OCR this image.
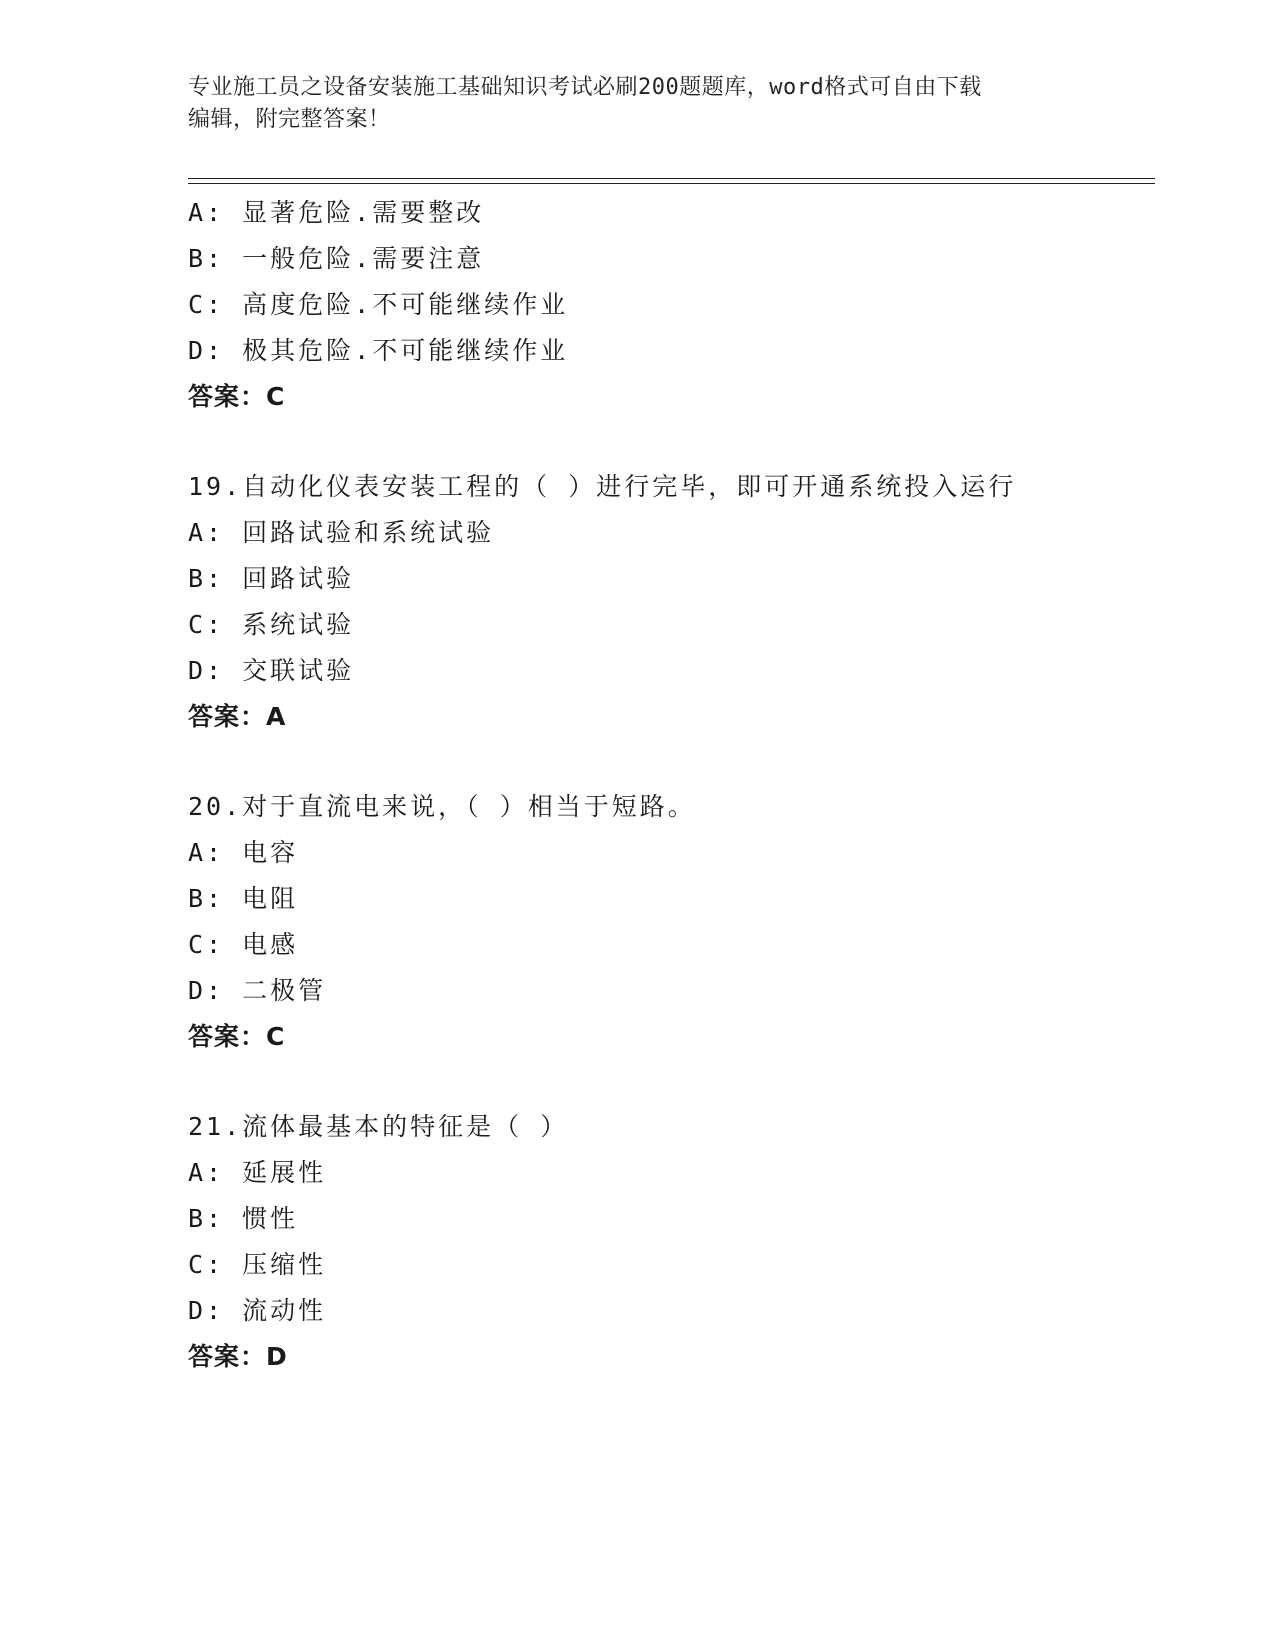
专业施工员之设备安装施工基础知识考试必刷200题题库，word格式可自由下载
编辑，附完整答案！
A: 显著危险.需要整改
B: 一般危险.需要注意
C: 高度危险.不可能继续作业
D: 极其危险.不可能继续作业
答案：C
19.自动化仪表安装工程的（ ）进行完毕，即可开通系统投入运行
A: 回路试验和系统试验
B: 回路试验
C: 系统试验
D: 交联试验
答案：A
20.对于直流电来说，（ ）相当于短路。
A: 电容
B: 电阻
C: 电感
D: 二极管
答案：C
21.流体最基本的特征是（ ）
A: 延展性
B: 惯性
C: 压缩性
D: 流动性
答案：D
